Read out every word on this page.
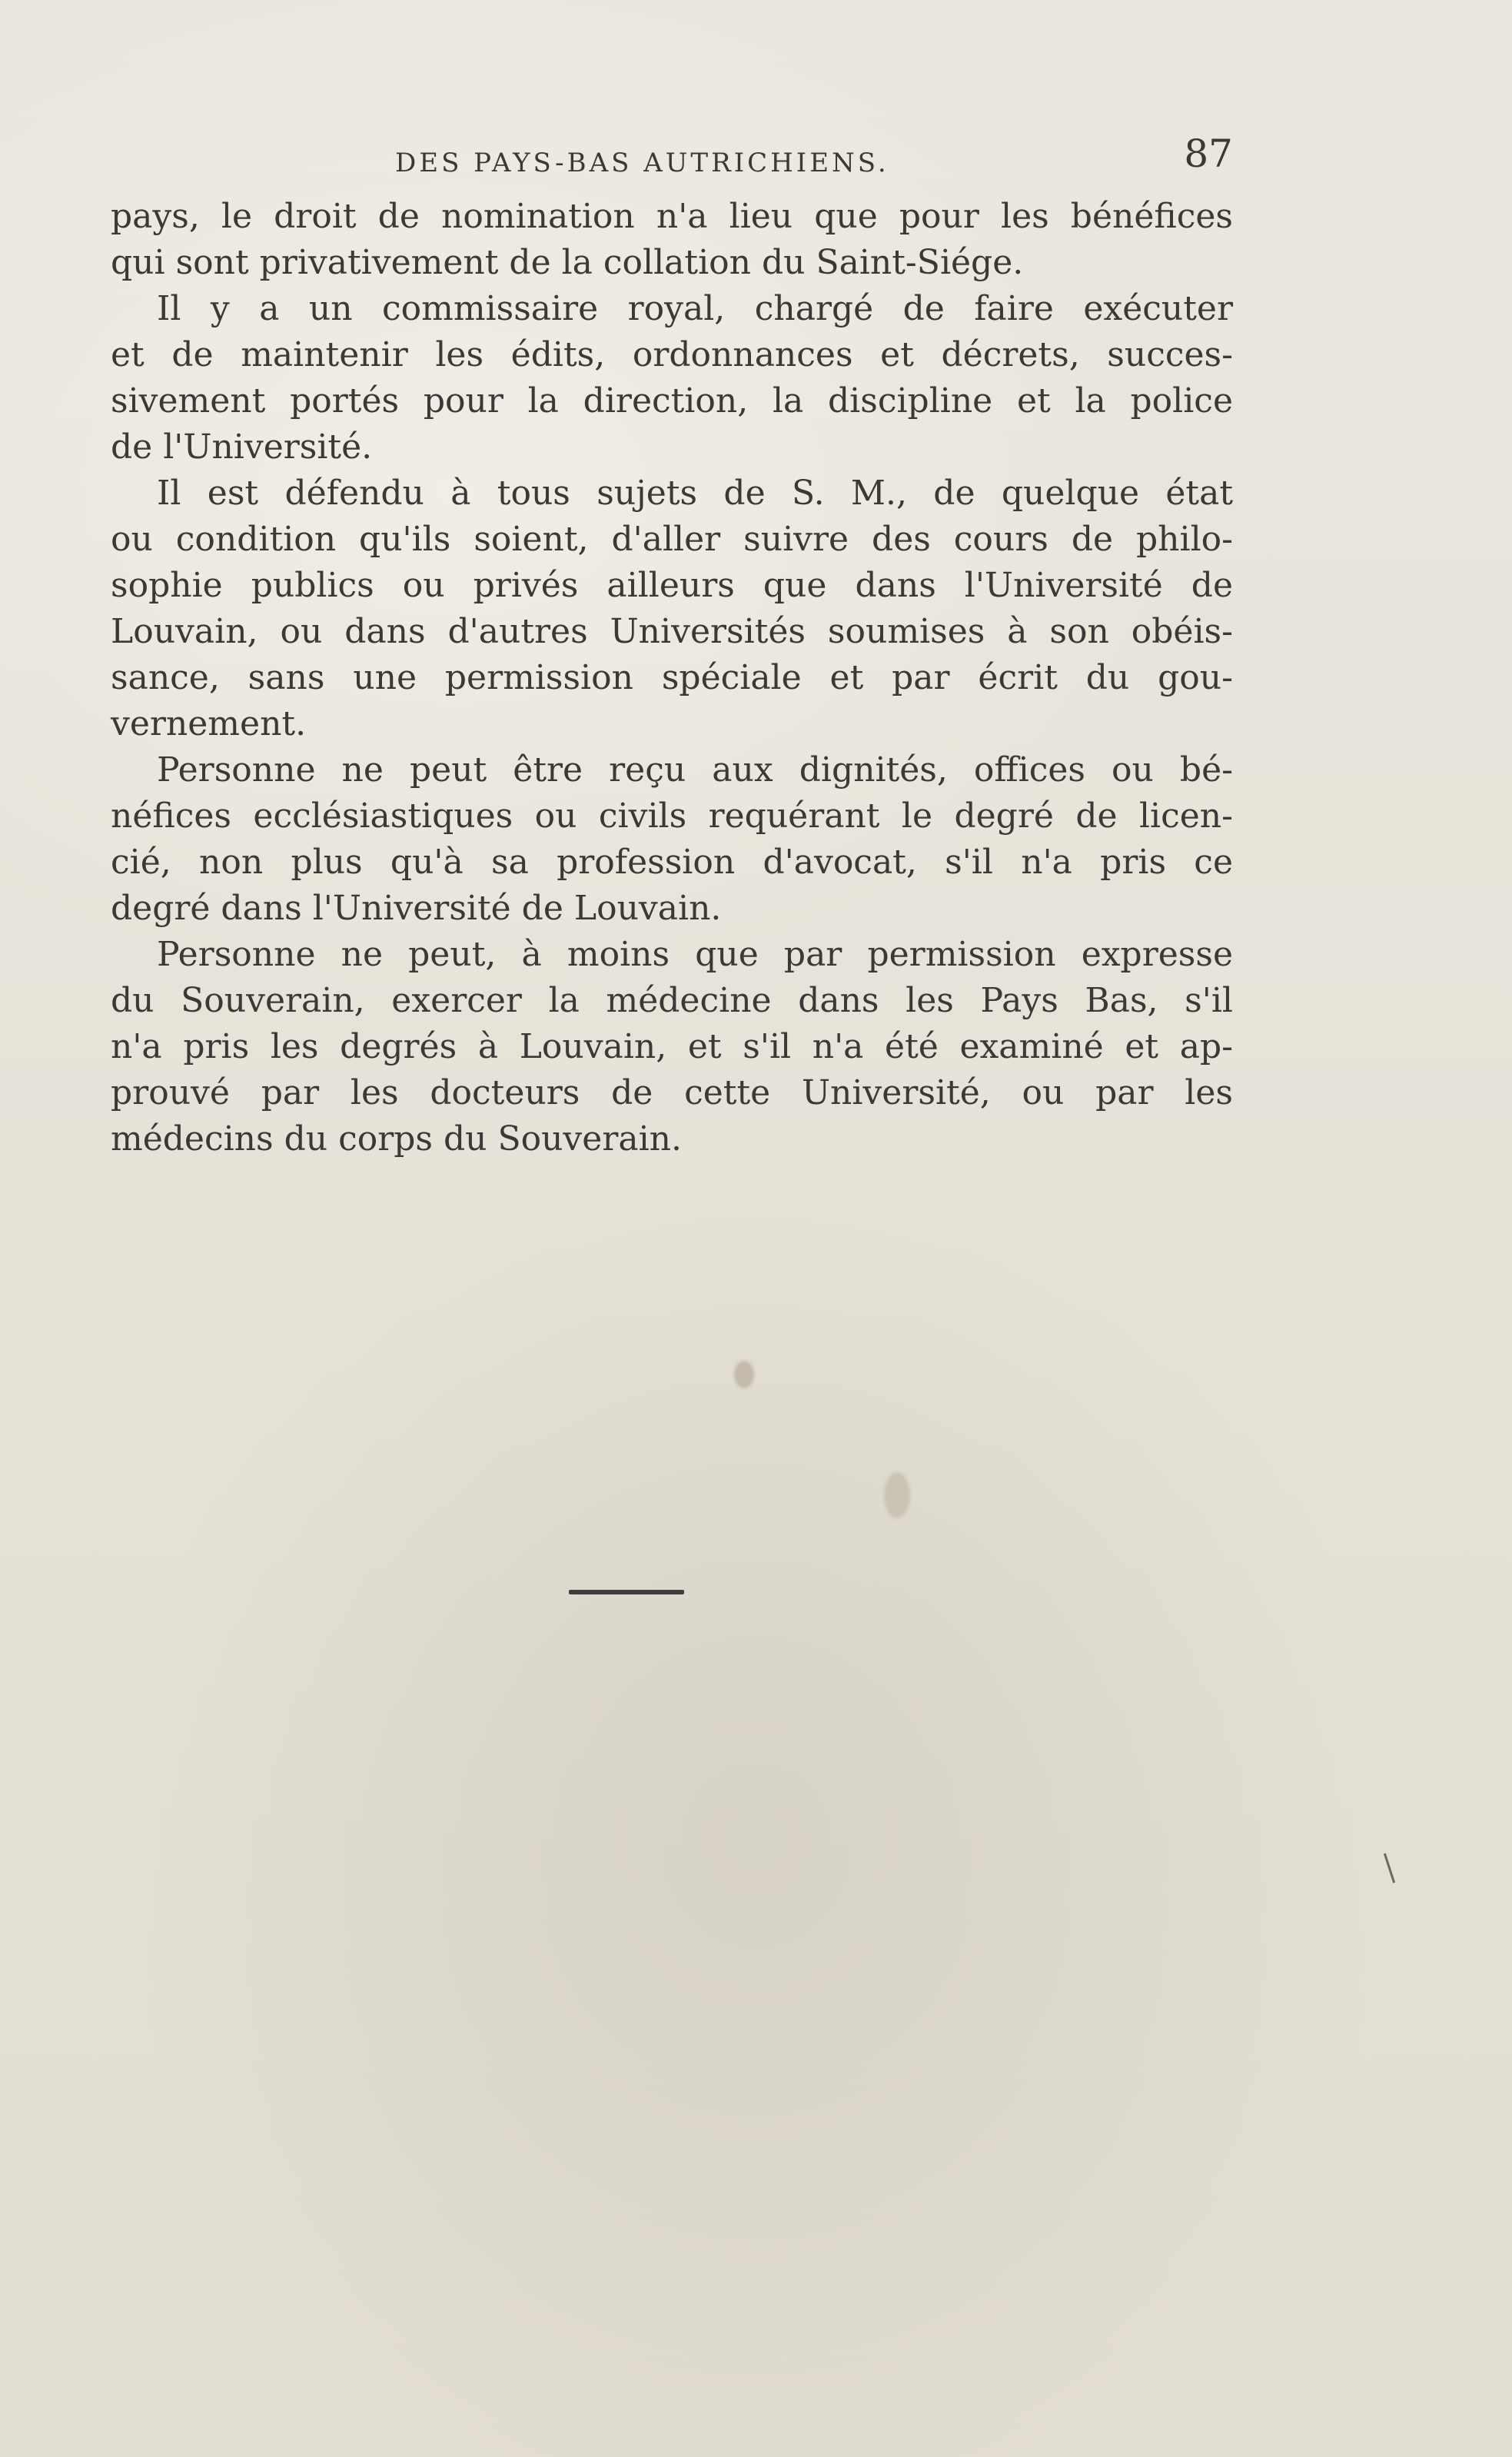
DES PAYS-BAS AUTRICHIENS.	87
pays, le droit de nomination n'a lieu que pour les bénéfices
qui sont privativement de la collation du Saint-Siége.
Il y a un commissaire royal, chargé de faire exécuter
et de maintenir les édits, ordonnances et décrets, succes-
sivement portés pour la direction, la discipline et la police
de l'Université.
Il est défendu à tous sujets de S. M., de quelque état
ou condition qu'ils soient, d'aller suivre des cours de philo-
sophie publics ou privés ailleurs que dans l'Université de
Louvain, ou dans d'autres Universités soumises à son obéis-
sance, sans une permission spéciale et par écrit du gou-
vernement.
Personne ne peut être reçu aux dignités, offices ou bé-
néfices ecclésiastiques ou civils requérant le degré de licen-
cié, non plus qu'à sa profession d'avocat, s'il n'a pris ce
degré dans l'Université de Louvain.
Personne ne peut, à moins que par permission expresse
du Souverain, exercer la médecine dans les Pays Bas, s'il
n'a pris les degrés à Louvain, et s'il n'a été examiné et ap-
prouvé par les docteurs de cette Université, ou par les
médecins du corps du Souverain.
